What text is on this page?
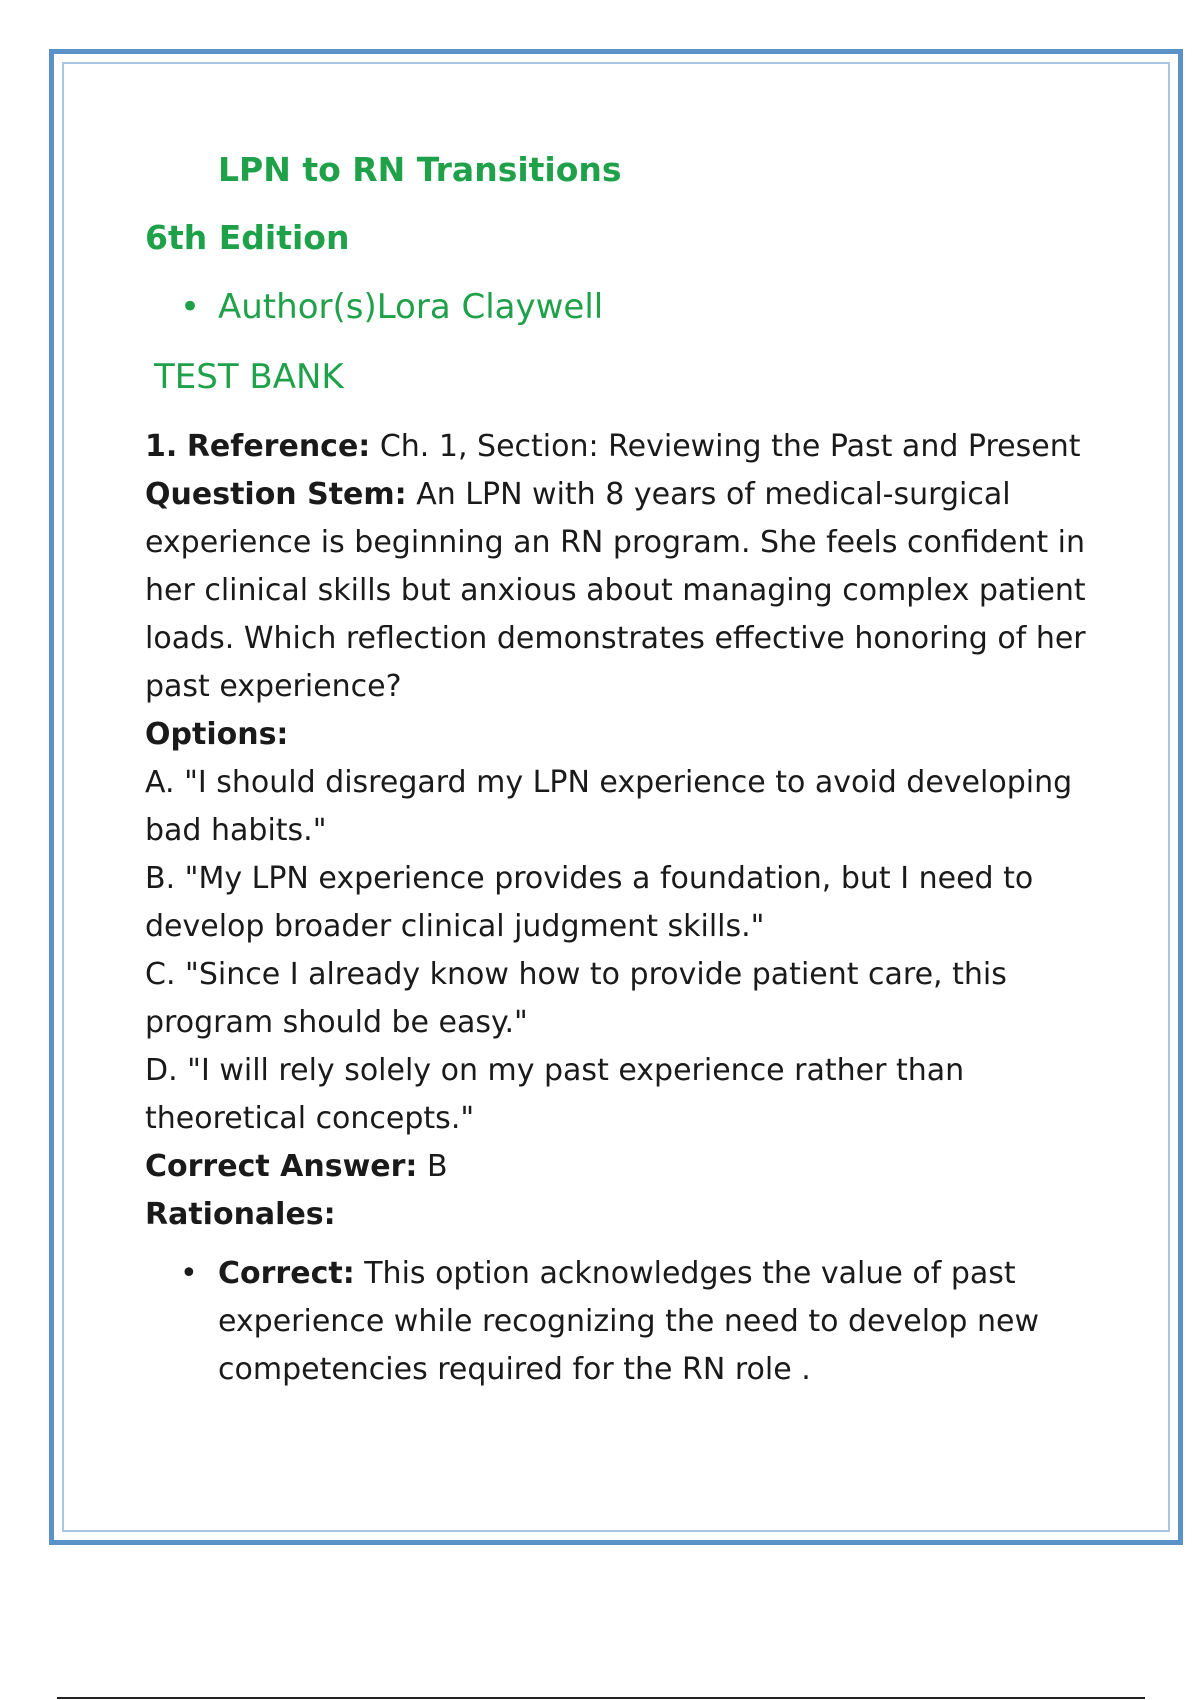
LPN to RN Transitions
6th Edition
• Author(s)Lora Claywell
TEST BANK

1. Reference: Ch. 1, Section: Reviewing the Past and Present

Question Stem: An LPN with 8 years of medical-surgical experience is beginning an RN program. She feels confident in her clinical skills but anxious about managing complex patient loads. Which reflection demonstrates effective honoring of her past experience?

Options:

A. "I should disregard my LPN experience to avoid developing bad habits."

B. "My LPN experience provides a foundation, but I need to develop broader clinical judgment skills."

C. "Since I already know how to provide patient care, this program should be easy."

D. "I will rely solely on my past experience rather than theoretical concepts."

Correct Answer: B

Rationales:

• Correct: This option acknowledges the value of past experience while recognizing the need to develop new competencies required for the RN role .
